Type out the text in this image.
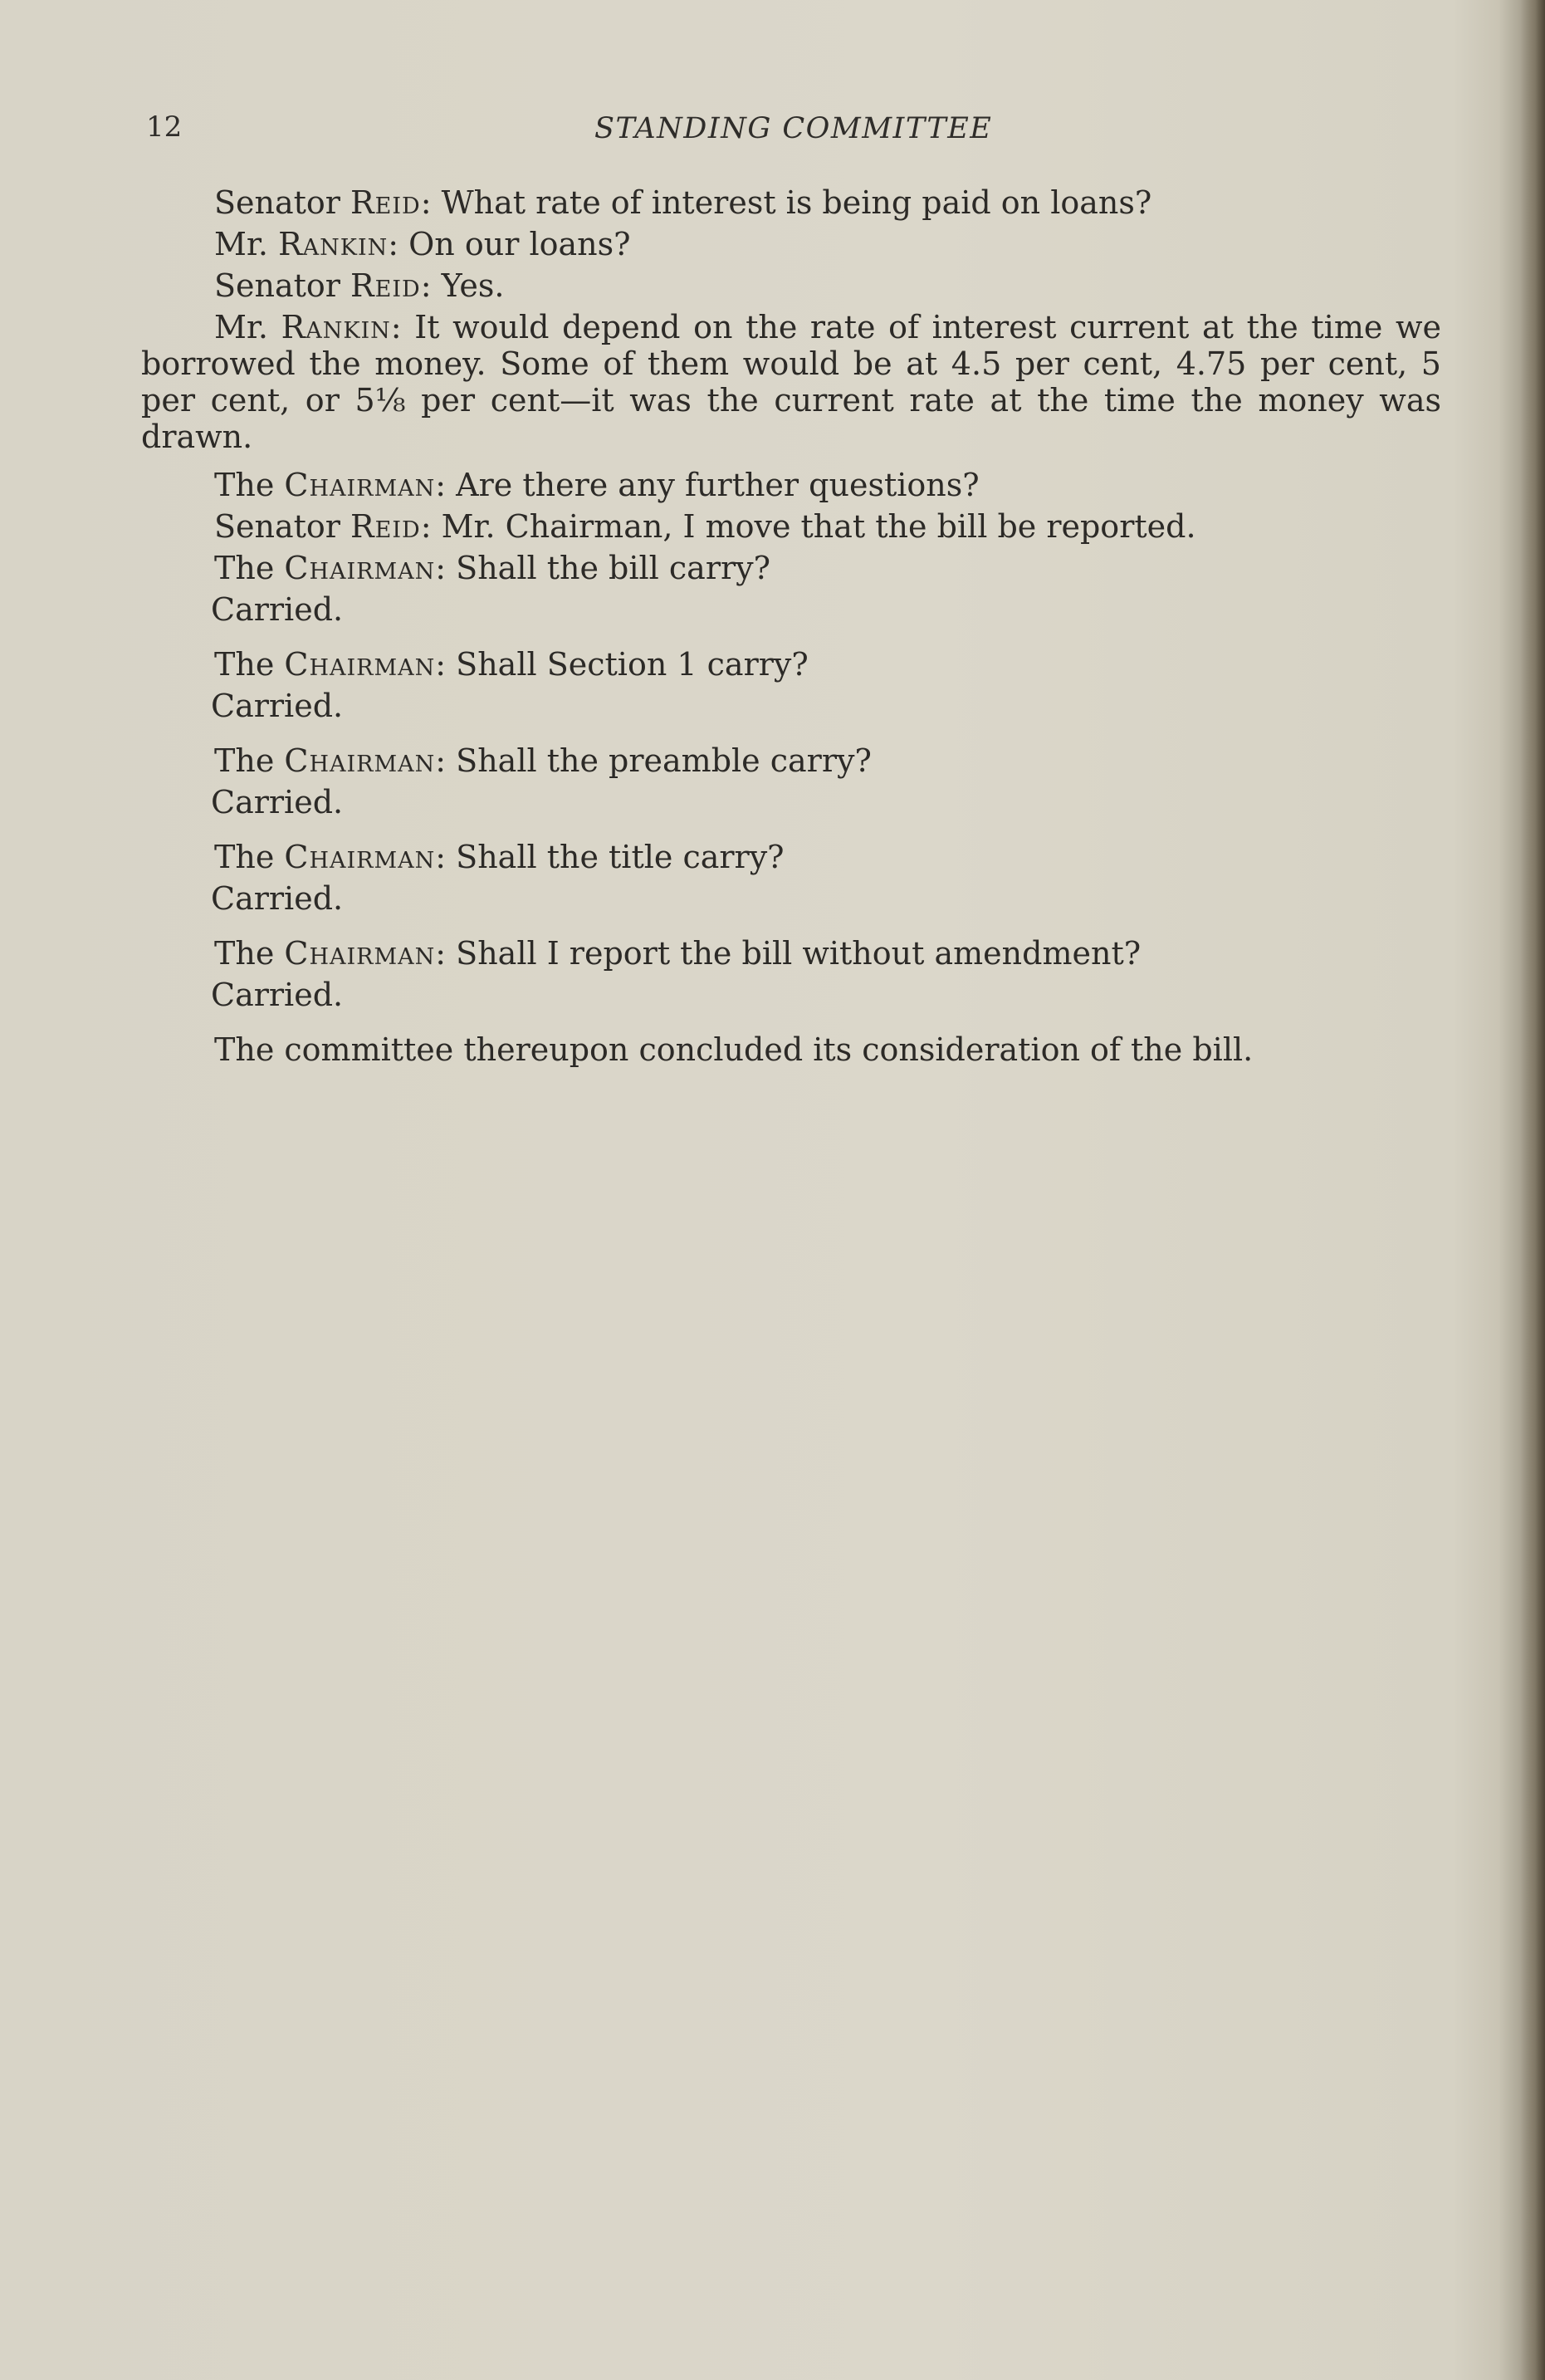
12	STANDING COMMITTEE

Senator Reid: What rate of interest is being paid on loans?

Mr. Rankin: On our loans?

Senator Reid: Yes.

Mr. Rankin: It would depend on the rate of interest current at the time we borrowed the money. Some of them would be at 4.5 per cent, 4.75 per cent, 5 per cent, or 5⅛ per cent—it was the current rate at the time the money was drawn.

The Chairman: Are there any further questions?

Senator Reid: Mr. Chairman, I move that the bill be reported.

The Chairman: Shall the bill carry?

Carried.

The Chairman: Shall Section 1 carry?

Carried.

The Chairman: Shall the preamble carry?

Carried.

The Chairman: Shall the title carry?

Carried.

The Chairman: Shall I report the bill without amendment?

Carried.

The committee thereupon concluded its consideration of the bill.
